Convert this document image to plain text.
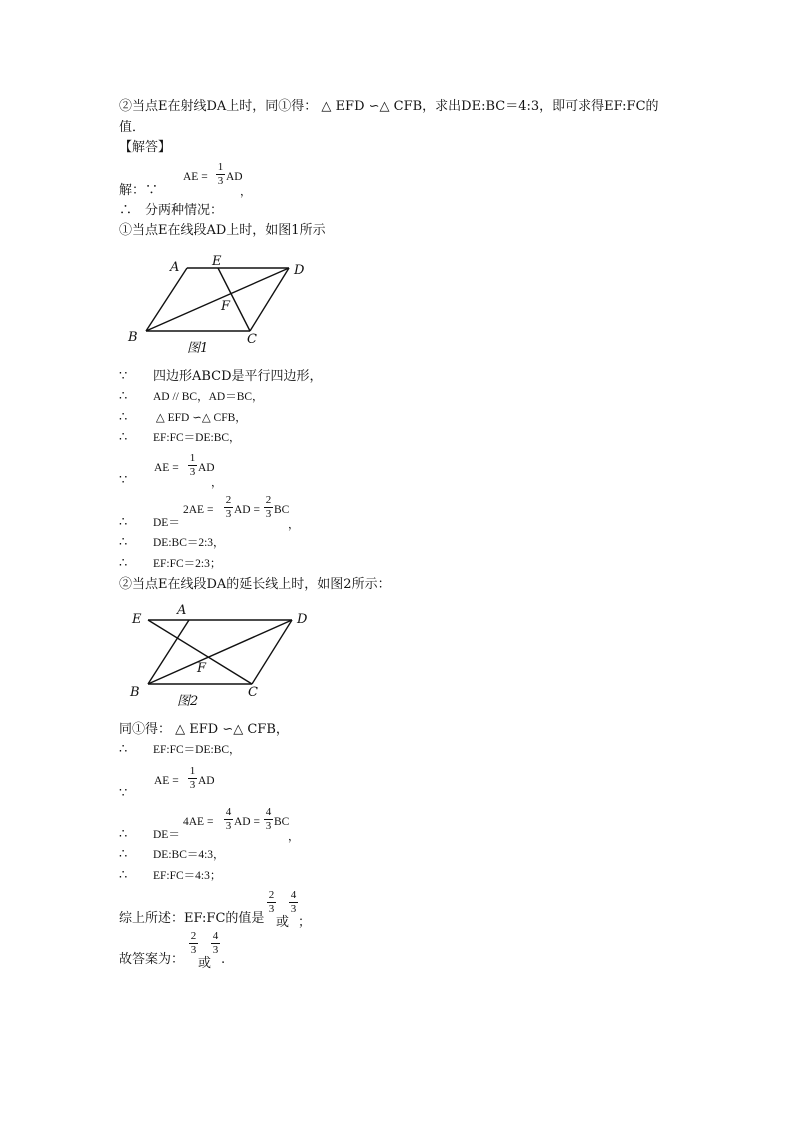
②当点E在射线DA上时，同①得： △ EFD ∽△ CFB，求出DE:BC＝4:3，即可求得EF:FC的
值．
【解答】
解：∵
AE =
1
3 AD
，
∴　分两种情况：
①当点E在线段AD上时，如图1所示
A	E
D
F
B	C
图1
∵ 四边形ABCD是平行四边形，
∴ AD // BC，AD＝BC，
∴ △ EFD ∽△ CFB，
∴ EF:FC＝DE:BC，
∵
AE =
1
3 AD
，
∴ DE＝
2AE =
2
3 AD =
2
3 BC
，
∴ DE:BC＝2:3，
∴ EF:FC＝2:3；
②当点E在线段DA的延长线上时，如图2所示：
E
A
D
F
B	C
图2
同①得： △ EFD ∽△ CFB，
∴ EF:FC＝DE:BC，
∵
AE =
1
3 AD
∴ DE＝
4AE =
4
3 AD =
4
3 BC
，
∴ DE:BC＝4:3，
∴ EF:FC＝4:3；
综上所述：EF:FC的值是
2
3
或
4
3
；
故答案为：
2
3
或
4
3
.
